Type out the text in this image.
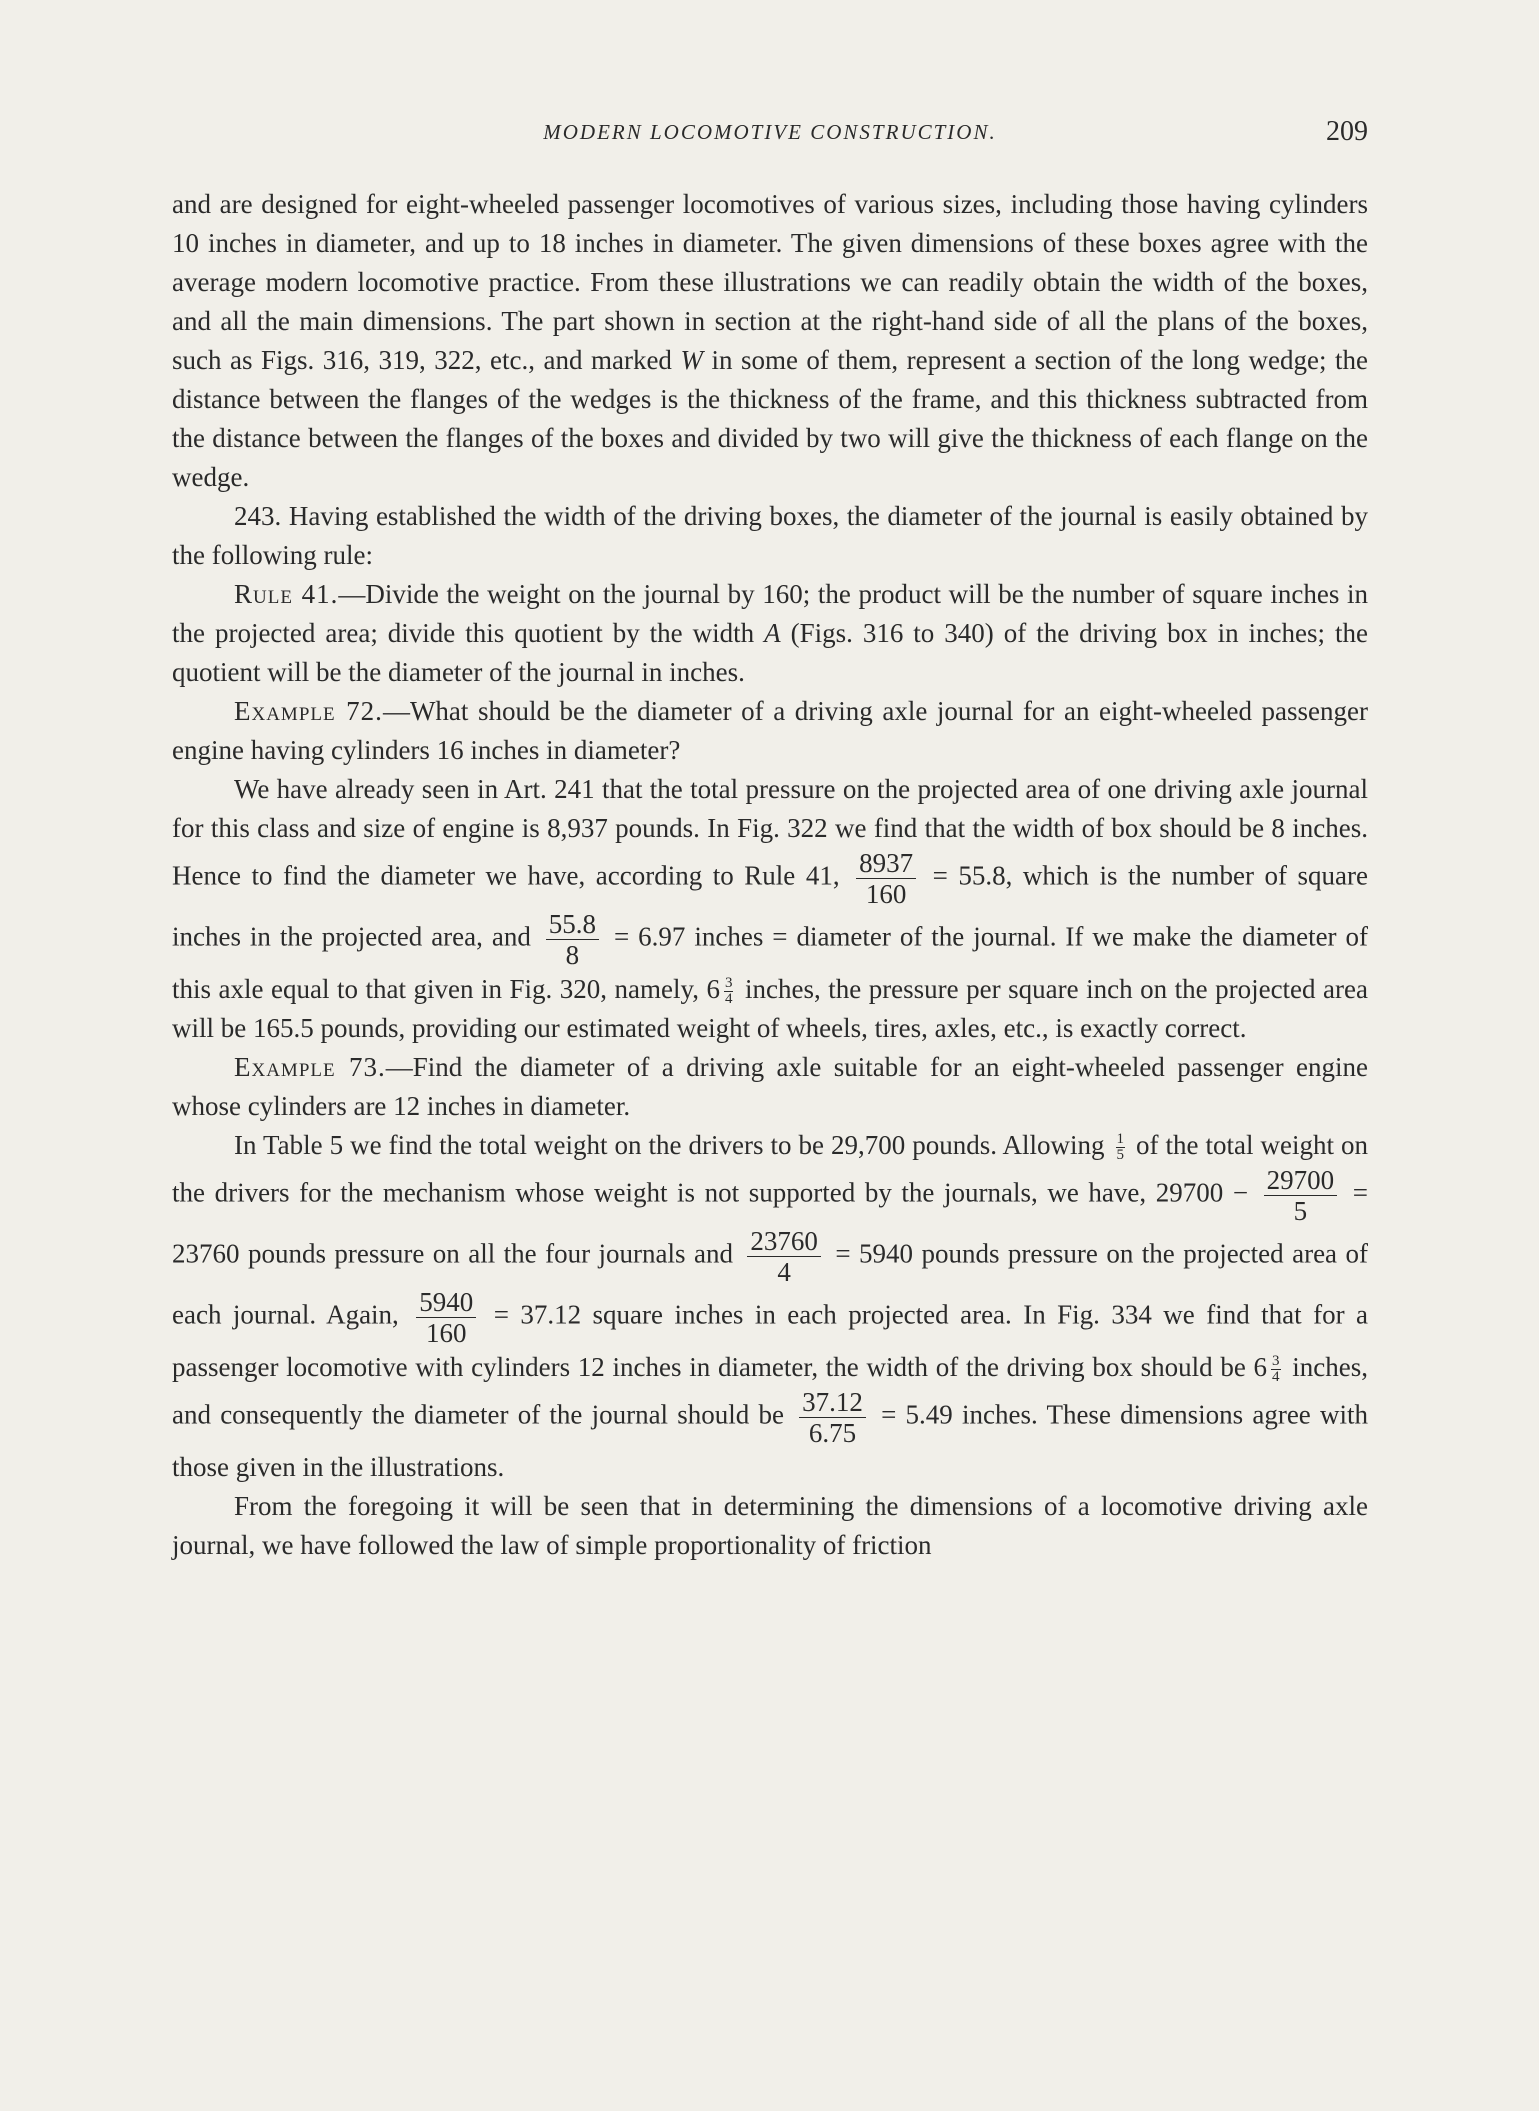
MODERN LOCOMOTIVE CONSTRUCTION.	209

and are designed for eight-wheeled passenger locomotives of various sizes, including those having cylinders 10 inches in diameter, and up to 18 inches in diameter. The given dimensions of these boxes agree with the average modern locomotive practice. From these illustrations we can readily obtain the width of the boxes, and all the main dimensions. The part shown in section at the right-hand side of all the plans of the boxes, such as Figs. 316, 319, 322, etc., and marked W in some of them, represent a section of the long wedge; the distance between the flanges of the wedges is the thickness of the frame, and this thickness subtracted from the distance between the flanges of the boxes and divided by two will give the thickness of each flange on the wedge.

243. Having established the width of the driving boxes, the diameter of the journal is easily obtained by the following rule:

Rule 41.—Divide the weight on the journal by 160; the product will be the number of square inches in the projected area; divide this quotient by the width A (Figs. 316 to 340) of the driving box in inches; the quotient will be the diameter of the journal in inches.

Example 72.—What should be the diameter of a driving axle journal for an eight-wheeled passenger engine having cylinders 16 inches in diameter?

We have already seen in Art. 241 that the total pressure on the projected area of one driving axle journal for this class and size of engine is 8,937 pounds. In Fig. 322 we find that the width of box should be 8 inches. Hence to find the diameter we have, according to Rule 41, $\frac{8937}{160} = 55.8$, which is the number of square inches in the projected area, and $\frac{55.8}{8} = 6.97$ inches = diameter of the journal. If we make the diameter of this axle equal to that given in Fig. 320, namely, $6 \frac{3}{4}$ inches, the pressure per square inch on the projected area will be 165.5 pounds, providing our estimated weight of wheels, tires, axles, etc., is exactly correct.

Example 73.—Find the diameter of a driving axle suitable for an eight-wheeled passenger engine whose cylinders are 12 inches in diameter.

In Table 5 we find the total weight on the drivers to be 29,700 pounds. Allowing $\frac{1}{5}$ of the total weight on the drivers for the mechanism whose weight is not supported by the journals, we have, $29700 - \frac{29700}{5} = 23760$ pounds pressure on all the four journals and $\frac{23760}{4} = 5940$ pounds pressure on the projected area of each journal. Again, $\frac{5940}{160} = 37.12$ square inches in each projected area. In Fig. 334 we find that for a passenger locomotive with cylinders 12 inches in diameter, the width of the driving box should be $6 \frac{3}{4}$ inches, and consequently the diameter of the journal should be $\frac{37.12}{6.75} = 5.49$ inches. These dimensions agree with those given in the illustrations.

From the foregoing it will be seen that in determining the dimensions of a locomotive driving axle journal, we have followed the law of simple proportionality of friction
